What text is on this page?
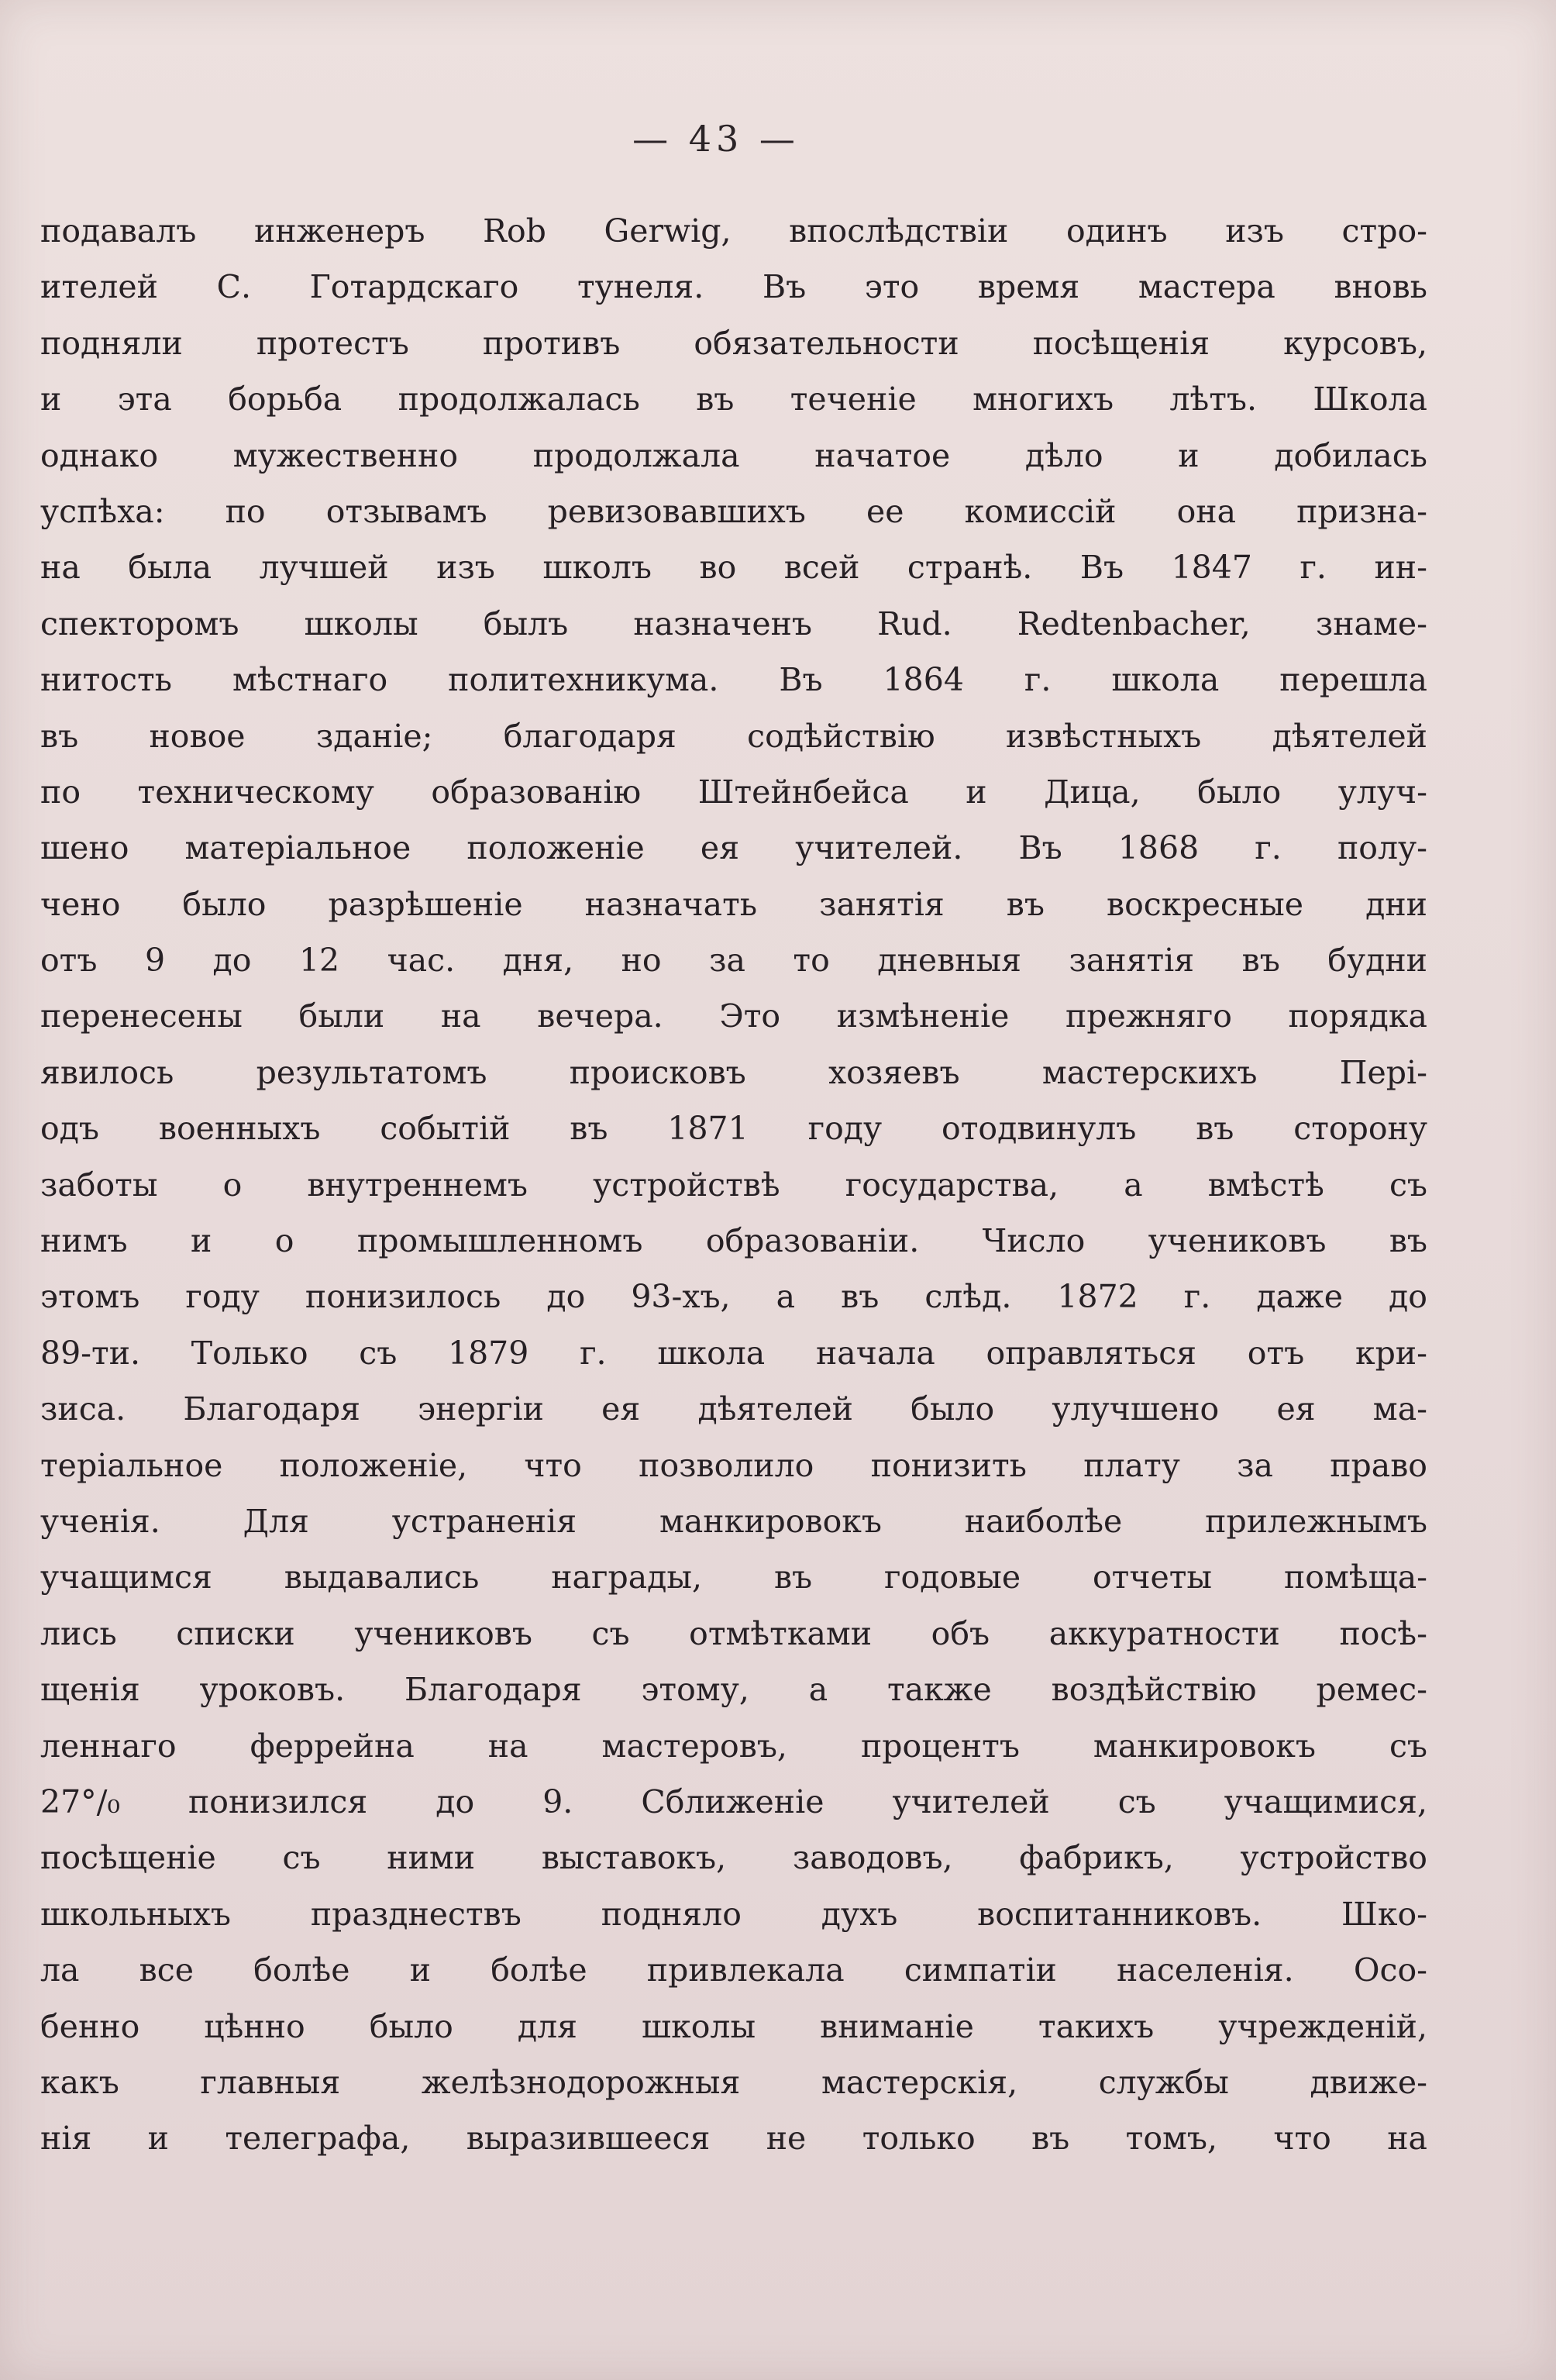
— 43 —
подавалъ инженеръ Rob Gerwig, впослѣдствіи одинъ изъ стро-
ителей С. Готардскаго тунеля. Въ это время мастера вновь
подняли протестъ противъ обязательности посѣщенія курсовъ,
и эта борьба продолжалась въ теченіе многихъ лѣтъ. Школа
однако мужественно продолжала начатое дѣло и добилась
успѣха: по отзывамъ ревизовавшихъ ее комиссій она призна-
на была лучшей изъ школъ во всей странѣ. Въ 1847 г. ин-
спекторомъ школы былъ назначенъ Rud. Redtenbacher, знаме-
нитость мѣстнаго политехникума. Въ 1864 г. школа перешла
въ новое зданіе; благодаря содѣйствію извѣстныхъ дѣятелей
по техническому образованію Штейнбейса и Дица, было улуч-
шено матеріальное положеніе ея учителей. Въ 1868 г. полу-
чено было разрѣшеніе назначать занятія въ воскресные дни
отъ 9 до 12 час. дня, но за то дневныя занятія въ будни
перенесены были на вечера. Это измѣненіе прежняго порядка
явилось результатомъ происковъ хозяевъ мастерскихъ Пері-
одъ военныхъ событій въ 1871 году отодвинулъ въ сторону
заботы о внутреннемъ устройствѣ государства, а вмѣстѣ съ
нимъ и о промышленномъ образованіи. Число учениковъ въ
этомъ году понизилось до 93-хъ, а въ слѣд. 1872 г. даже до
89-ти. Только съ 1879 г. школа начала оправляться отъ кри-
зиса. Благодаря энергіи ея дѣятелей было улучшено ея ма-
теріальное положеніе, что позволило понизить плату за право
ученія. Для устраненія манкировокъ наиболѣе прилежнымъ
учащимся выдавались награды, въ годовые отчеты помѣща-
лись списки учениковъ съ отмѣтками объ аккуратности посѣ-
щенія уроковъ. Благодаря этому, а также воздѣйствію ремес-
леннаго феррейна на мастеровъ, процентъ манкировокъ съ
27°/₀ понизился до 9. Сближеніе учителей съ учащимися,
посѣщеніе съ ними выставокъ, заводовъ, фабрикъ, устройство
школьныхъ празднествъ подняло духъ воспитанниковъ. Шко-
ла все болѣе и болѣе привлекала симпатіи населенія. Осо-
бенно цѣнно было для школы вниманіе такихъ учрежденій,
какъ главныя желѣзнодорожныя мастерскія, службы движе-
нія и телеграфа, выразившееся не только въ томъ, что на
